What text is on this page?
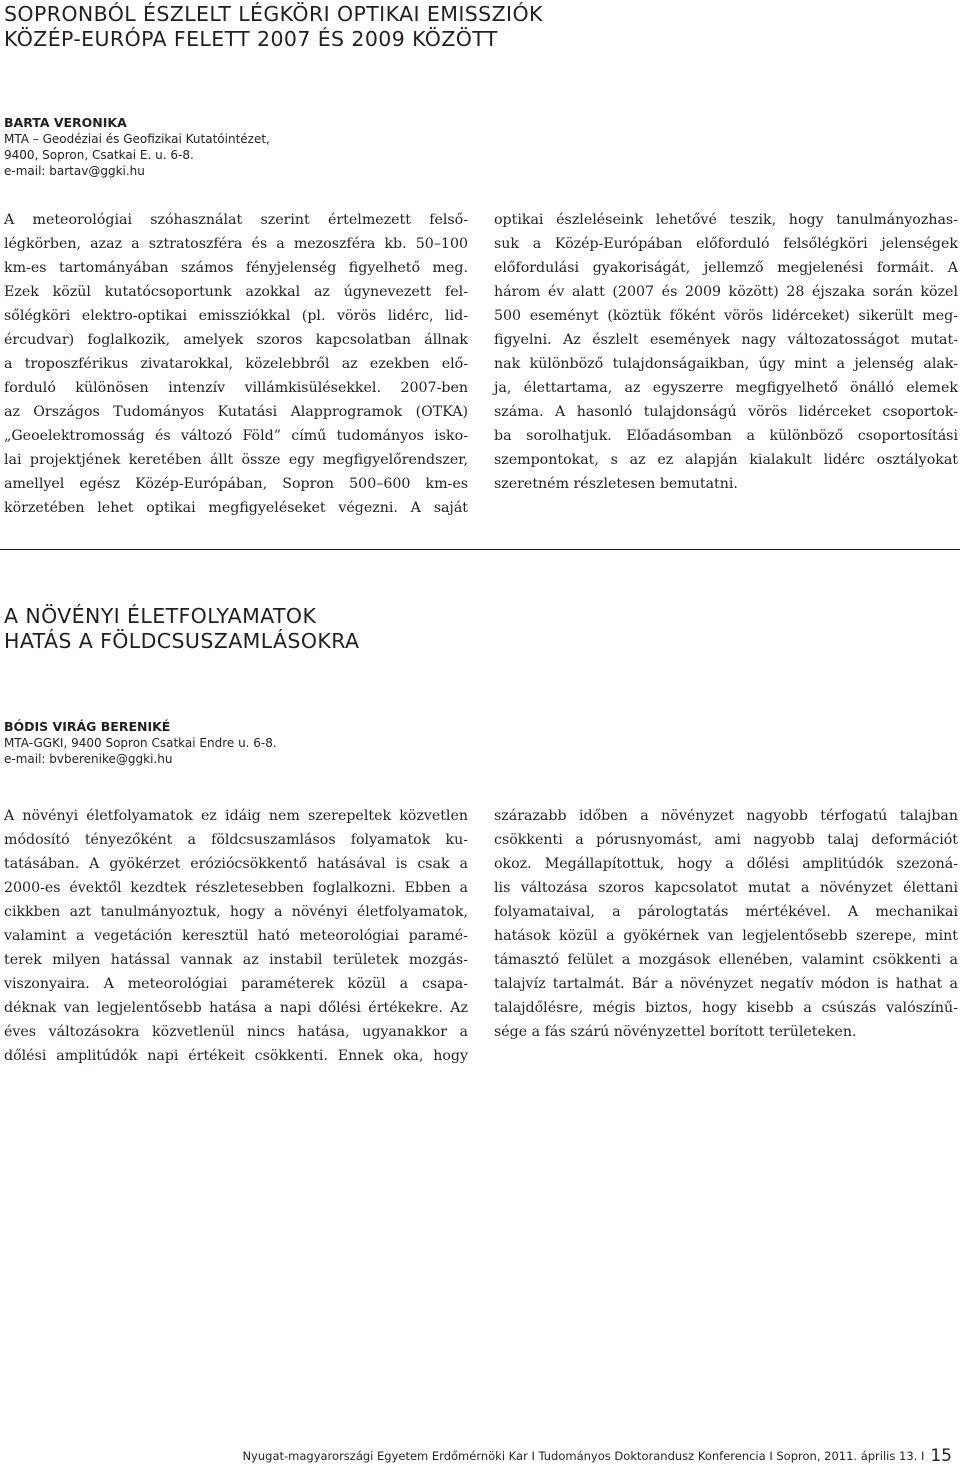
SOPRONBÓL ÉSZLELT LÉGKÖRI OPTIKAI EMISSZIÓK
KÖZÉP-EURÓPA FELETT 2007 ÉS 2009 KÖZÖTT
BARTA VERONIKA
MTA – Geodéziai és Geofizikai Kutatóintézet,
9400, Sopron, Csatkai E. u. 6-8.
e-mail: bartav@ggki.hu
A meteorológiai szóhasználat szerint értelmezett felső-
légkörben, azaz a sztratoszféra és a mezoszféra kb. 50–100
km-es tartományában számos fényjelenség figyelhető meg.
Ezek közül kutatócsoportunk azokkal az úgynevezett fel-
sőlégköri elektro-optikai emissziókkal (pl. vörös lidérc, lid-
ércudvar) foglalkozik, amelyek szoros kapcsolatban állnak
a troposzférikus zivatarokkal, közelebbről az ezekben elő-
forduló különösen intenzív villámkisülésekkel. 2007-ben
az Országos Tudományos Kutatási Alapprogramok (OTKA)
„Geoelektromosság és változó Föld” című tudományos isko-
lai projektjének keretében állt össze egy megfigyelőrendszer,
amellyel egész Közép-Európában, Sopron 500–600 km-es
körzetében lehet optikai megfigyeléseket végezni. A saját
optikai észleléseink lehetővé teszik, hogy tanulmányozhas-
suk a Közép-Európában előforduló felsőlégköri jelenségek
előfordulási gyakoriságát, jellemző megjelenési formáit. A
három év alatt (2007 és 2009 között) 28 éjszaka során közel
500 eseményt (köztük főként vörös lidérceket) sikerült meg-
figyelni. Az észlelt események nagy változatosságot mutat-
nak különböző tulajdonságaikban, úgy mint a jelenség alak-
ja, élettartama, az egyszerre megfigyelhető önálló elemek
száma. A hasonló tulajdonságú vörös lidérceket csoportok-
ba sorolhatjuk. Előadásomban a különböző csoportosítási
szempontokat, s az ez alapján kialakult lidérc osztályokat
szeretném részletesen bemutatni.
A NÖVÉNYI ÉLETFOLYAMATOK
HATÁS A FÖLDCSUSZAMLÁSOKRA
BÓDIS VIRÁG BERENIKÉ
MTA-GGKI, 9400 Sopron Csatkai Endre u. 6-8.
e-mail: bvberenike@ggki.hu
A növényi életfolyamatok ez idáig nem szerepeltek közvetlen
módosító tényezőként a földcsuszamlásos folyamatok ku-
tatásában. A gyökérzet eróziócsökkentő hatásával is csak a
2000-es évektől kezdtek részletesebben foglalkozni. Ebben a
cikkben azt tanulmányoztuk, hogy a növényi életfolyamatok,
valamint a vegetáción keresztül ható meteorológiai paramé-
terek milyen hatással vannak az instabil területek mozgás-
viszonyaira. A meteorológiai paraméterek közül a csapa-
déknak van legjelentősebb hatása a napi dőlési értékekre. Az
éves változásokra közvetlenül nincs hatása, ugyanakkor a
dőlési amplitúdók napi értékeit csökkenti. Ennek oka, hogy
szárazabb időben a növényzet nagyobb térfogatú talajban
csökkenti a pórusnyomást, ami nagyobb talaj deformációt
okoz. Megállapítottuk, hogy a dőlési amplitúdók szezoná-
lis változása szoros kapcsolatot mutat a növényzet élettani
folyamataival, a párologtatás mértékével. A mechanikai
hatások közül a gyökérnek van legjelentősebb szerepe, mint
támasztó felület a mozgások ellenében, valamint csökkenti a
talajvíz tartalmát. Bár a növényzet negatív módon is hathat a
talajdőlésre, mégis biztos, hogy kisebb a csúszás valószínű-
sége a fás szárú növényzettel borított területeken.
Nyugat-magyarországi Egyetem Erdőmérnöki Kar I Tudományos Doktorandusz Konferencia I Sopron, 2011. április 13. I 15
